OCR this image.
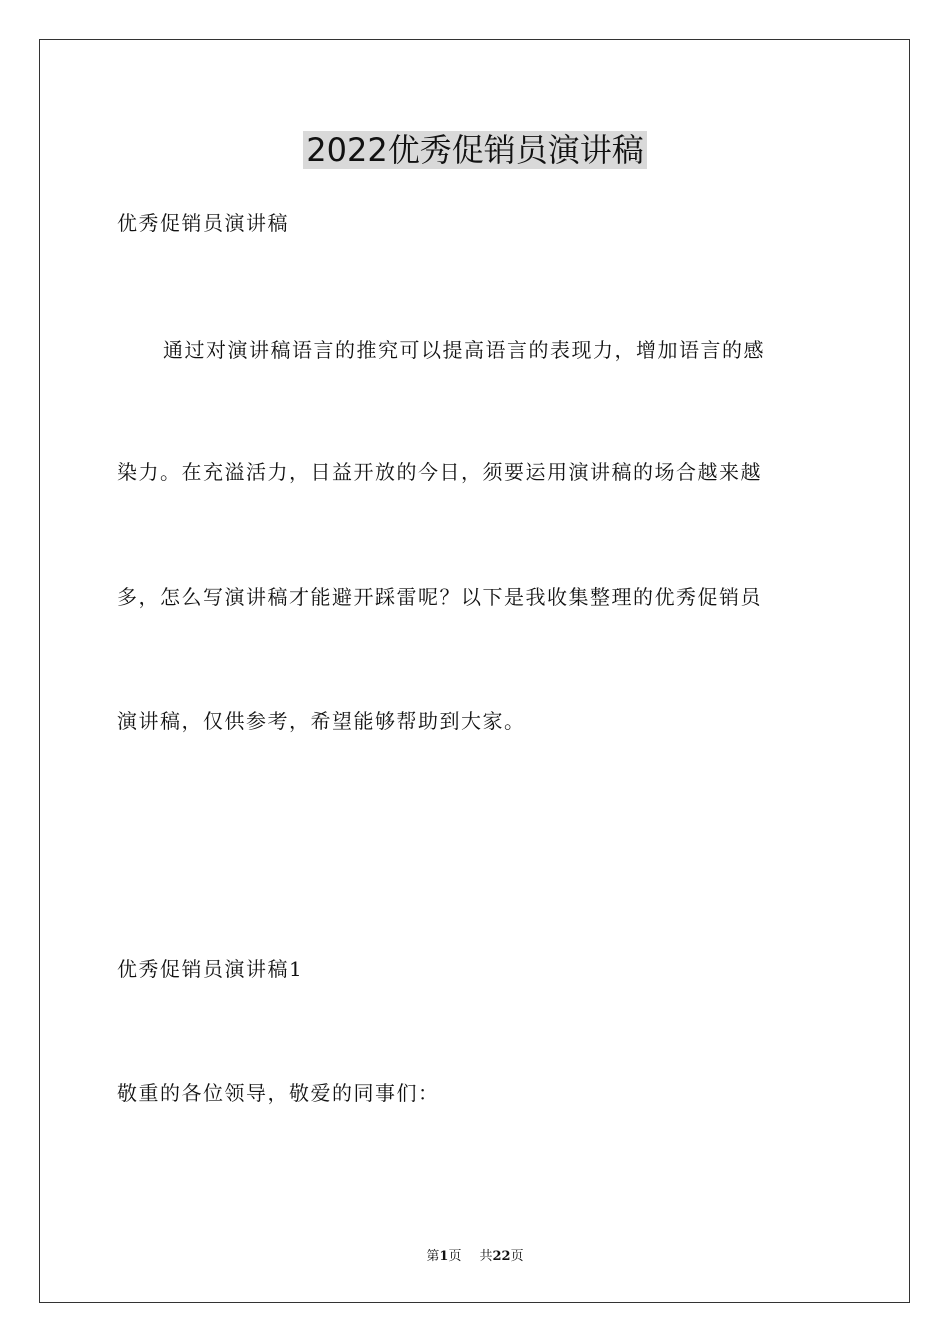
2022优秀促销员演讲稿
优秀促销员演讲稿
通过对演讲稿语言的推究可以提高语言的表现力，增加语言的感
染力。在充溢活力，日益开放的今日，须要运用演讲稿的场合越来越
多，怎么写演讲稿才能避开踩雷呢？以下是我收集整理的优秀促销员
演讲稿，仅供参考，希望能够帮助到大家。
优秀促销员演讲稿1
敬重的各位领导，敬爱的同事们：
第1页 共22页
